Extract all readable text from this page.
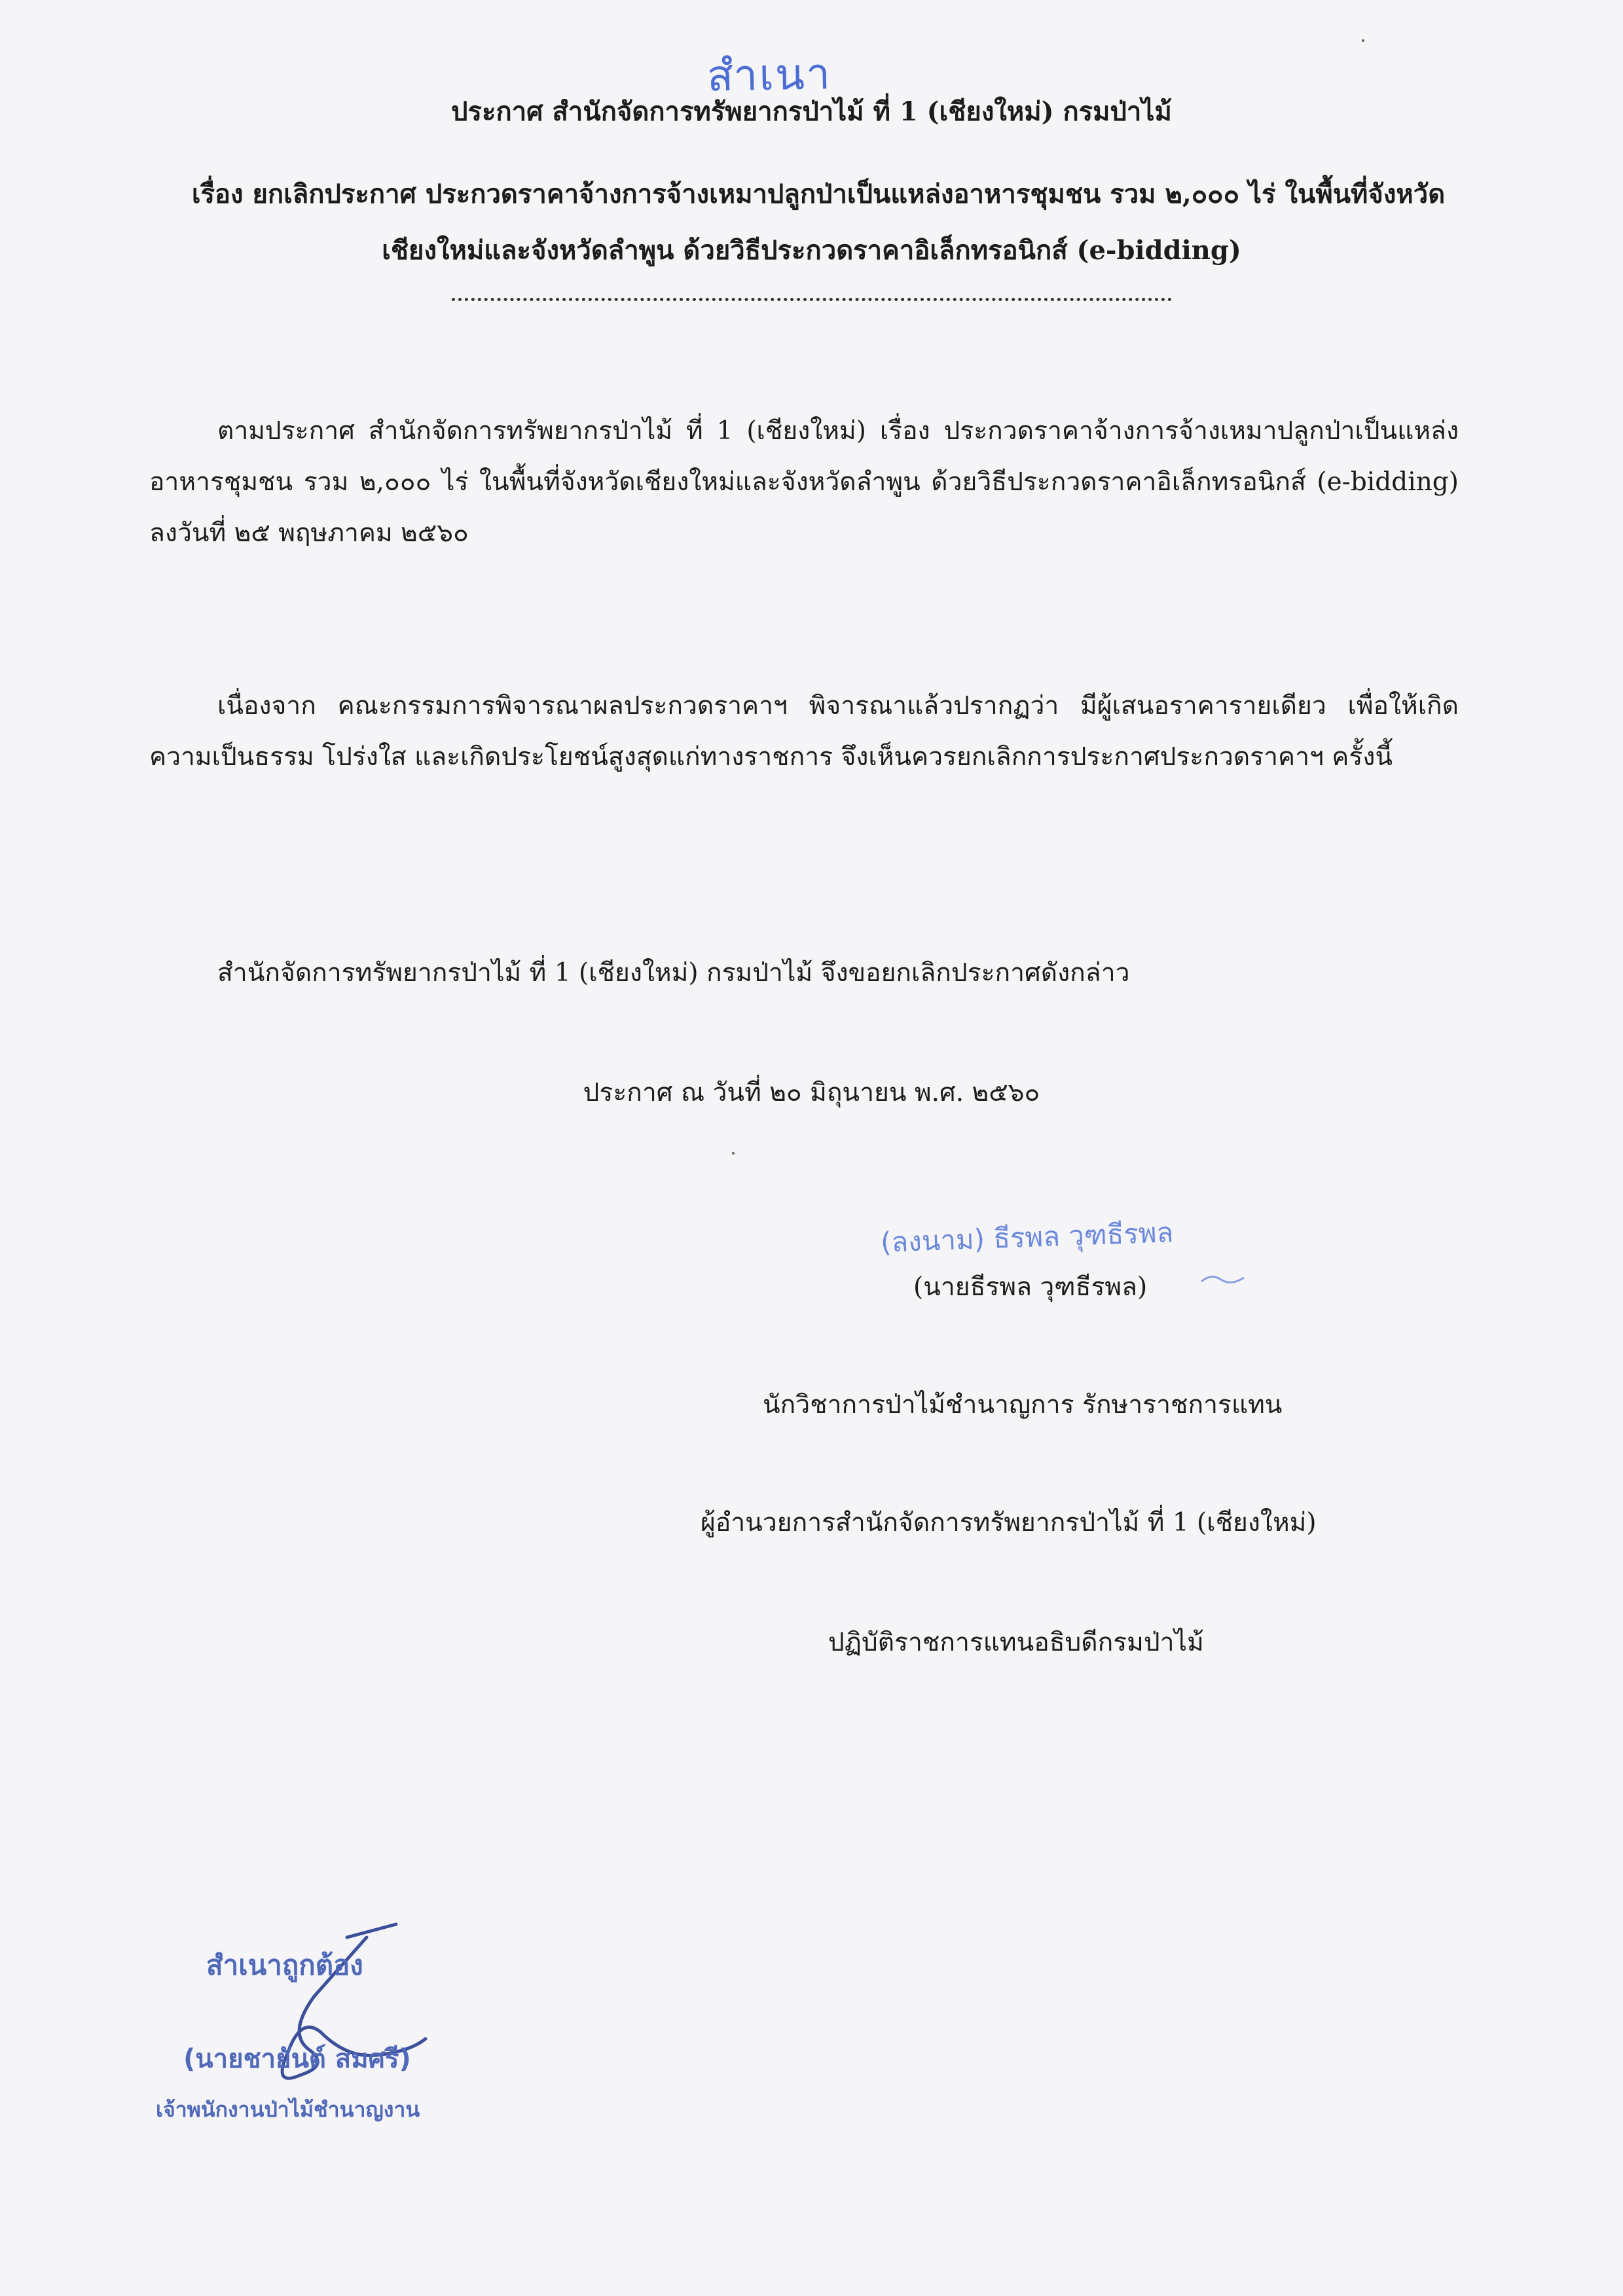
สำเนา
ประกาศ สำนักจัดการทรัพยากรป่าไม้ ที่ 1 (เชียงใหม่) กรมป่าไม้
เรื่อง ยกเลิกประกาศ ประกวดราคาจ้างการจ้างเหมาปลูกป่าเป็นแหล่งอาหารชุมชน รวม ๒,๐๐๐ ไร่ ในพื้นที่จังหวัด
เชียงใหม่และจังหวัดลำพูน ด้วยวิธีประกวดราคาอิเล็กทรอนิกส์ (e-bidding)
ตามประกาศ สำนักจัดการทรัพยากรป่าไม้ ที่ 1 (เชียงใหม่) เรื่อง ประกวดราคาจ้างการจ้างเหมาปลูกป่าเป็นแหล่งอาหารชุมชน รวม ๒,๐๐๐ ไร่ ในพื้นที่จังหวัดเชียงใหม่และจังหวัดลำพูน ด้วยวิธีประกวดราคาอิเล็กทรอนิกส์ (e-bidding) ลงวันที่ ๒๕ พฤษภาคม ๒๕๖๐
เนื่องจาก คณะกรรมการพิจารณาผลประกวดราคาฯ พิจารณาแล้วปรากฏว่า มีผู้เสนอราคารายเดียว เพื่อให้เกิดความเป็นธรรม โปร่งใส และเกิดประโยชน์สูงสุดแก่ทางราชการ จึงเห็นควรยกเลิกการประกาศประกวดราคาฯ ครั้งนี้
สำนักจัดการทรัพยากรป่าไม้ ที่ 1 (เชียงใหม่) กรมป่าไม้ จึงขอยกเลิกประกาศดังกล่าว
ประกาศ ณ วันที่ ๒๐ มิถุนายน พ.ศ. ๒๕๖๐
(ลงนาม) ธีรพล วุฑธีรพล
(นายธีรพล วุฑธีรพล)
นักวิชาการป่าไม้ชำนาญการ รักษาราชการแทน
ผู้อำนวยการสำนักจัดการทรัพยากรป่าไม้ ที่ 1 (เชียงใหม่)
ปฏิบัติราชการแทนอธิบดีกรมป่าไม้
สำเนาถูกต้อง
(นายชายันต์ สมศรี)
เจ้าพนักงานป่าไม้ชำนาญงาน
